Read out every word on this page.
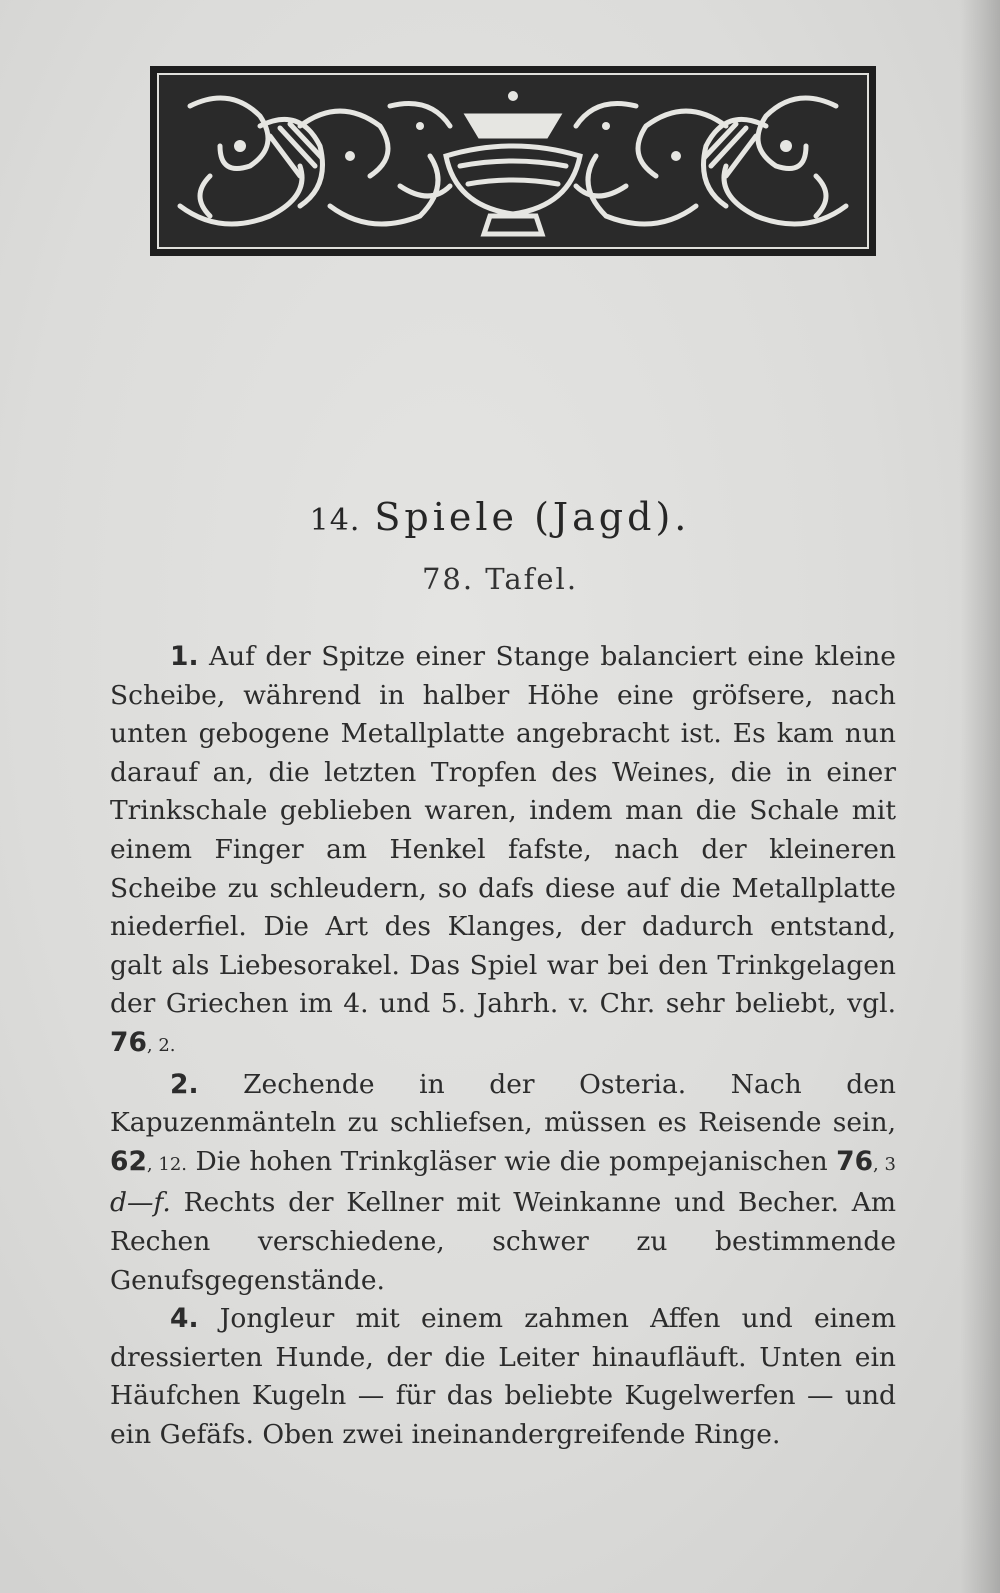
14. Spiele (Jagd).
78. Tafel.

1. Auf der Spitze einer Stange balanciert eine kleine Scheibe, während in halber Höhe eine gröfsere, nach unten gebogene Metallplatte angebracht ist. Es kam nun darauf an, die letzten Tropfen des Weines, die in einer Trinkschale geblieben waren, indem man die Schale mit einem Finger am Henkel fafste, nach der kleineren Scheibe zu schleudern, so dafs diese auf die Metallplatte niederfiel. Die Art des Klanges, der dadurch entstand, galt als Liebesorakel. Das Spiel war bei den Trinkgelagen der Griechen im 4. und 5. Jahrh. v. Chr. sehr beliebt, vgl. 76, 2.

2. Zechende in der Osteria. Nach den Kapuzenmänteln zu schliefsen, müssen es Reisende sein, 62, 12. Die hohen Trinkgläser wie die pompejanischen 76, 3 d—f. Rechts der Kellner mit Weinkanne und Becher. Am Rechen verschiedene, schwer zu bestimmende Genufsgegenstände.

4. Jongleur mit einem zahmen Affen und einem dressierten Hunde, der die Leiter hinaufläuft. Unten ein Häufchen Kugeln — für das beliebte Kugelwerfen — und ein Gefäfs. Oben zwei ineinandergreifende Ringe.
